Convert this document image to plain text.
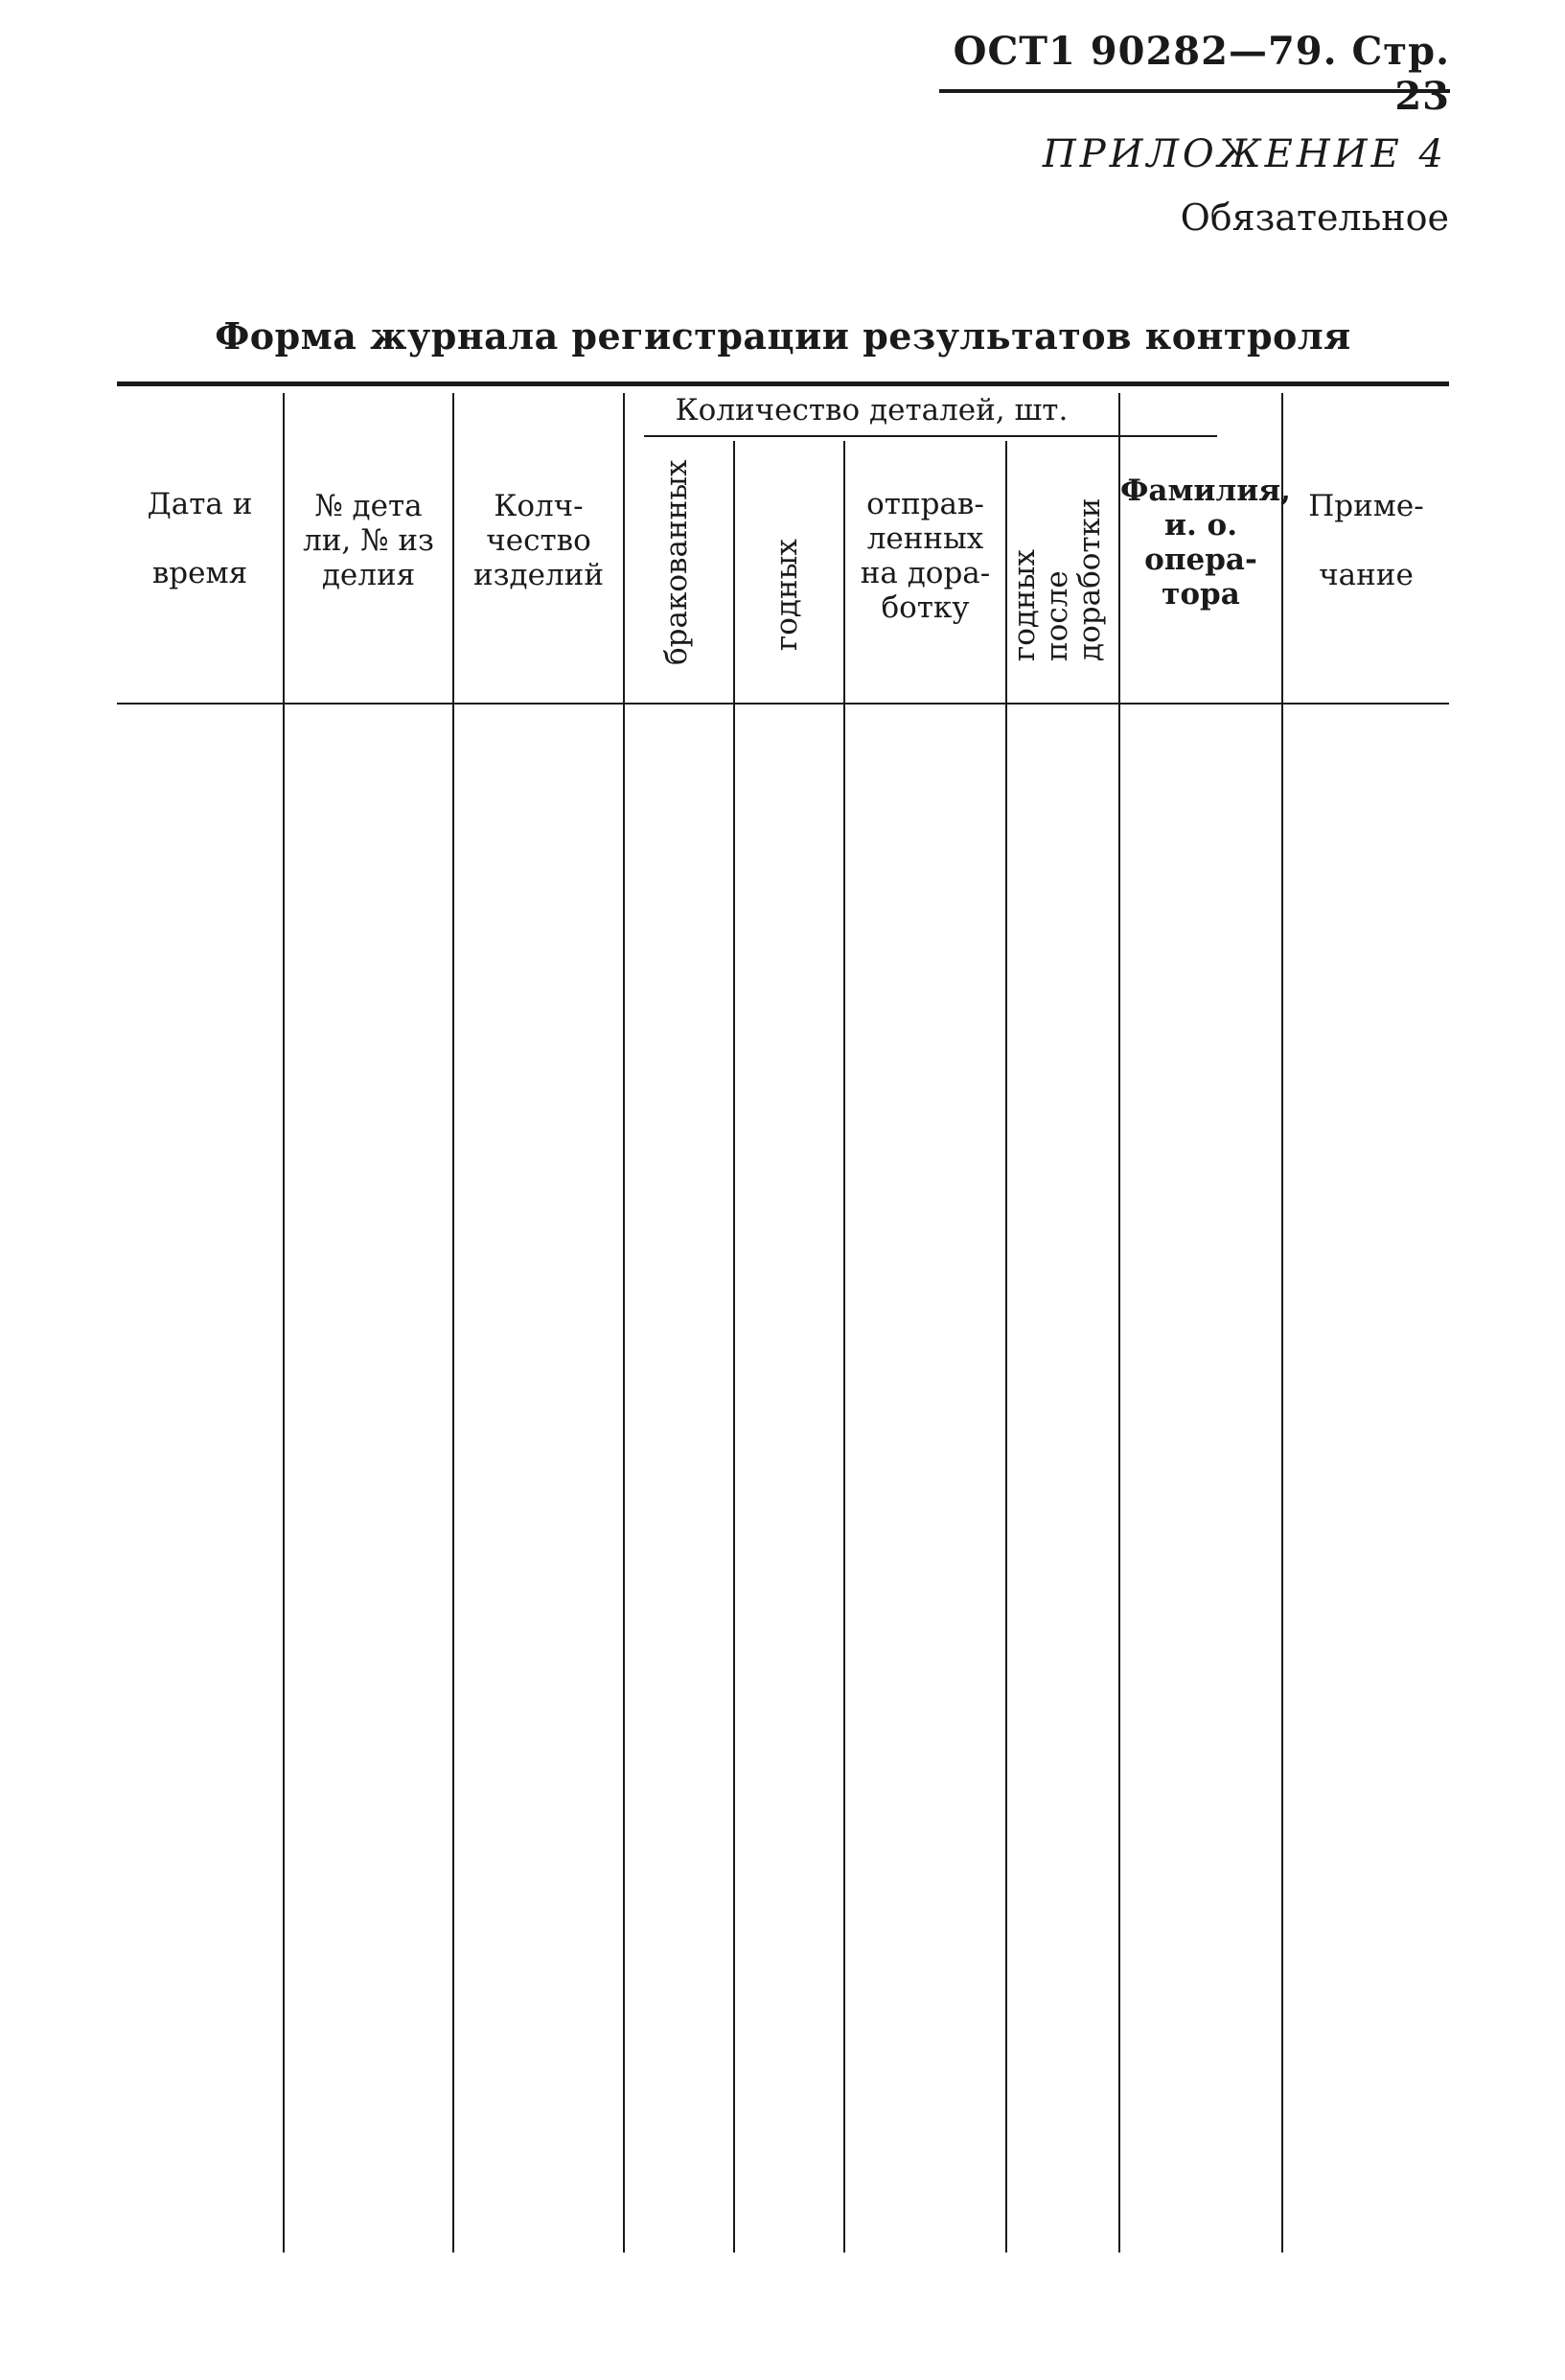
ОСТ1 90282—79. Стр. 23
ПРИЛОЖЕНИЕ 4
Обязательное
Форма журнала регистрации результатов контроля
Дата и

время
№ дета
ли, № из
делия
Колч-
чество
изделий
Количество деталей, шт.
бракованных	годных
отправ-
ленных
на дора-
ботку	годных
после
доработки
Фамилия,
и. о.
опера-
тора
Приме-

чание
